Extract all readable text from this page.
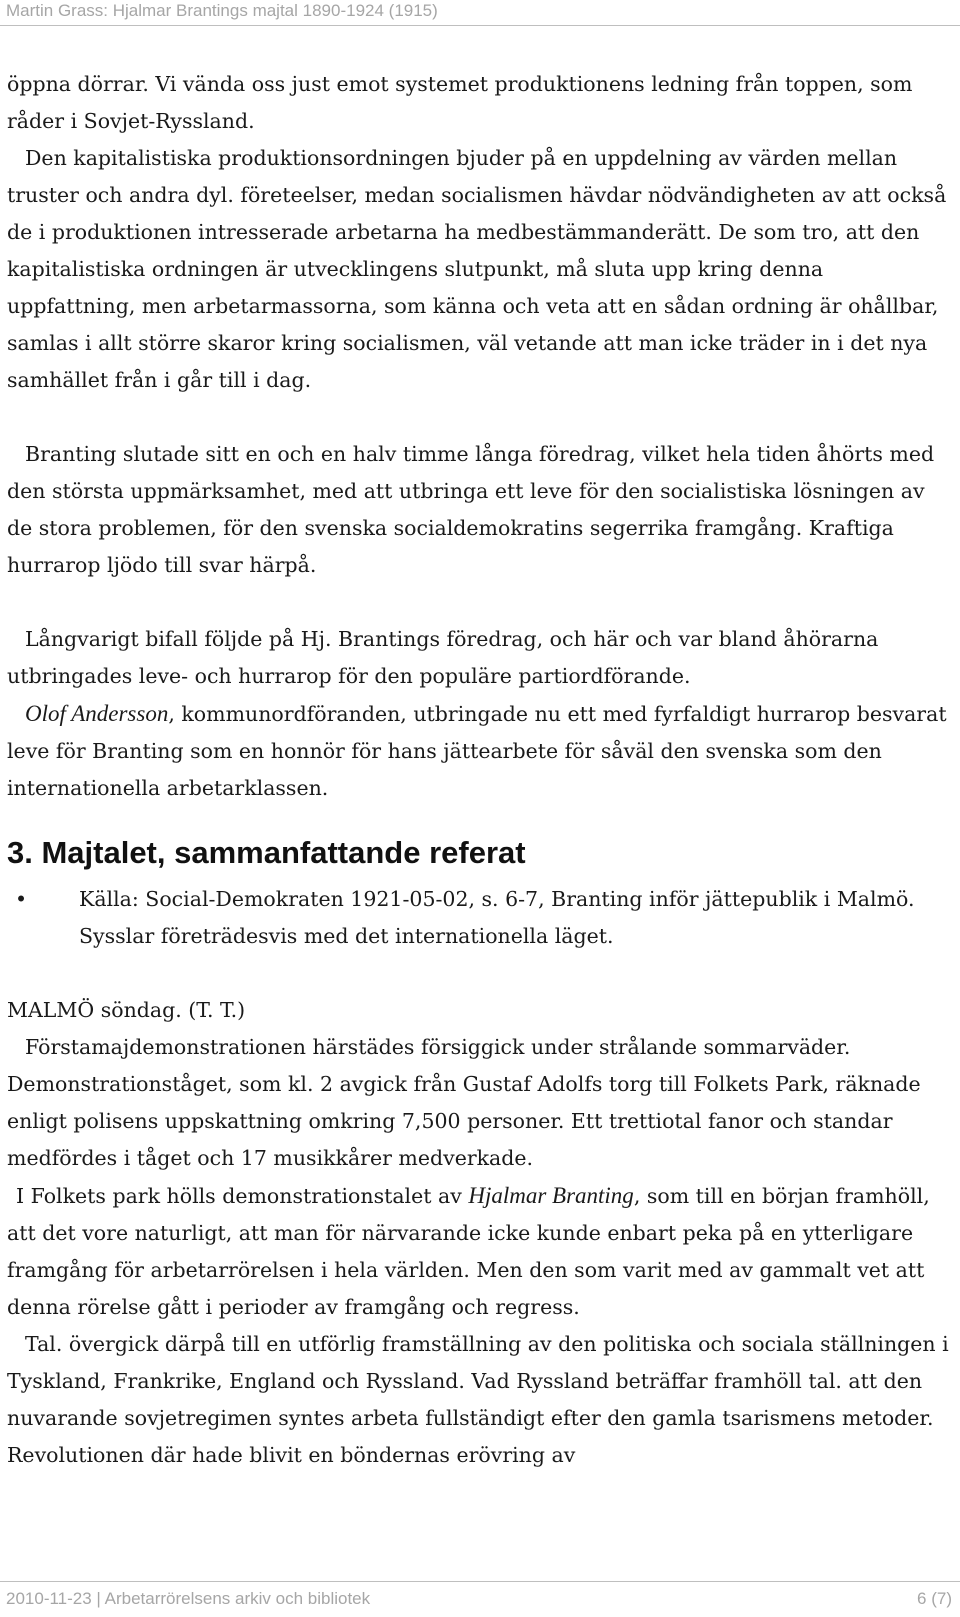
Martin Grass: Hjalmar Brantings majtal 1890-1924 (1915)

öppna dörrar. Vi vända oss just emot systemet produktionens ledning från toppen, som råder i Sovjet-Ryssland.

Den kapitalistiska produktionsordningen bjuder på en uppdelning av värden mellan truster och andra dyl. företeelser, medan socialismen hävdar nödvändigheten av att också de i produktionen intresserade arbetarna ha medbestämmanderätt. De som tro, att den kapitalistiska ordningen är utvecklingens slutpunkt, må sluta upp kring denna uppfattning, men arbetarmassorna, som känna och veta att en sådan ordning är ohållbar, samlas i allt större skaror kring socialismen, väl vetande att man icke träder in i det nya samhället från i går till i dag.

Branting slutade sitt en och en halv timme långa föredrag, vilket hela tiden åhörts med den största uppmärksamhet, med att utbringa ett leve för den socialistiska lösningen av de stora problemen, för den svenska socialdemokratins segerrika framgång. Kraftiga hurrarop ljödo till svar härpå.

Långvarigt bifall följde på Hj. Brantings föredrag, och här och var bland åhörarna utbringades leve- och hurrarop för den populäre partiordförande.

Olof Andersson, kommunordföranden, utbringade nu ett med fyrfaldigt hurrarop besvarat leve för Branting som en honnör för hans jättearbete för såväl den svenska som den internationella arbetarklassen.

3. Majtalet, sammanfattande referat
•	Källa: Social-Demokraten 1921-05-02, s. 6-7, Branting inför jättepublik i Malmö. Sysslar företrädesvis med det internationella läget.

MALMÖ söndag. (T. T.)

Förstamajdemonstrationen härstädes försiggick under strålande sommarväder. Demonstrationståget, som kl. 2 avgick från Gustaf Adolfs torg till Folkets Park, räknade enligt polisens uppskattning omkring 7,500 personer. Ett trettiotal fanor och standar medfördes i tåget och 17 musikkårer medverkade.

I Folkets park hölls demonstrationstalet av Hjalmar Branting, som till en början framhöll, att det vore naturligt, att man för närvarande icke kunde enbart peka på en ytterligare framgång för arbetarrörelsen i hela världen. Men den som varit med av gammalt vet att denna rörelse gått i perioder av framgång och regress.

Tal. övergick därpå till en utförlig framställning av den politiska och sociala ställningen i Tyskland, Frankrike, England och Ryssland. Vad Ryssland beträffar framhöll tal. att den nuvarande sovjetregimen syntes arbeta fullständigt efter den gamla tsarismens metoder. Revolutionen där hade blivit en böndernas erövring av

2010-11-23 | Arbetarrörelsens arkiv och bibliotek	6 (7)
